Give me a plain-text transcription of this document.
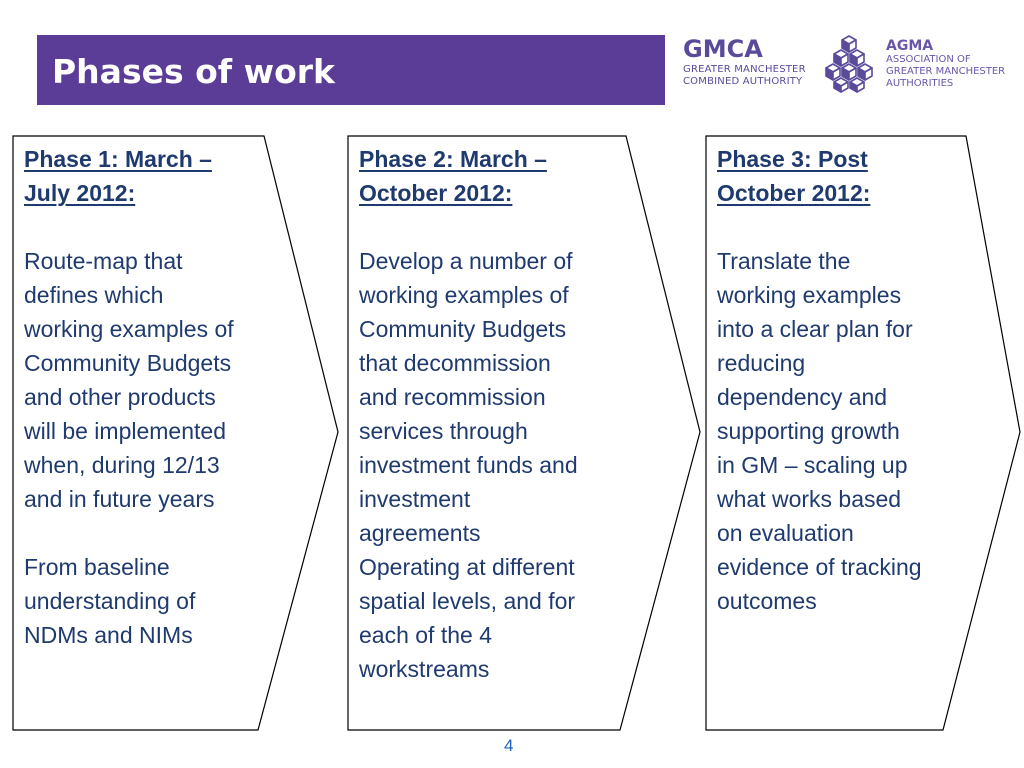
Phases of work
GMCA
GREATER MANCHESTER
COMBINED AUTHORITY
AGMA
ASSOCIATION OF
GREATER MANCHESTER
AUTHORITIES

Phase 1: March –
July 2012:

Route-map that
defines which
working examples of
Community Budgets
and other products
will be implemented
when, during 12/13
and in future years

From baseline
understanding of
NDMs and NIMs

Phase 2: March –
October 2012:

Develop a number of
working examples of
Community Budgets
that decommission
and recommission
services through
investment funds and
investment
agreements
Operating at different
spatial levels, and for
each of the 4
workstreams

Phase 3: Post
October 2012:

Translate the
working examples
into a clear plan for
reducing
dependency and
supporting growth
in GM – scaling up
what works based
on evaluation
evidence of tracking
outcomes

4
